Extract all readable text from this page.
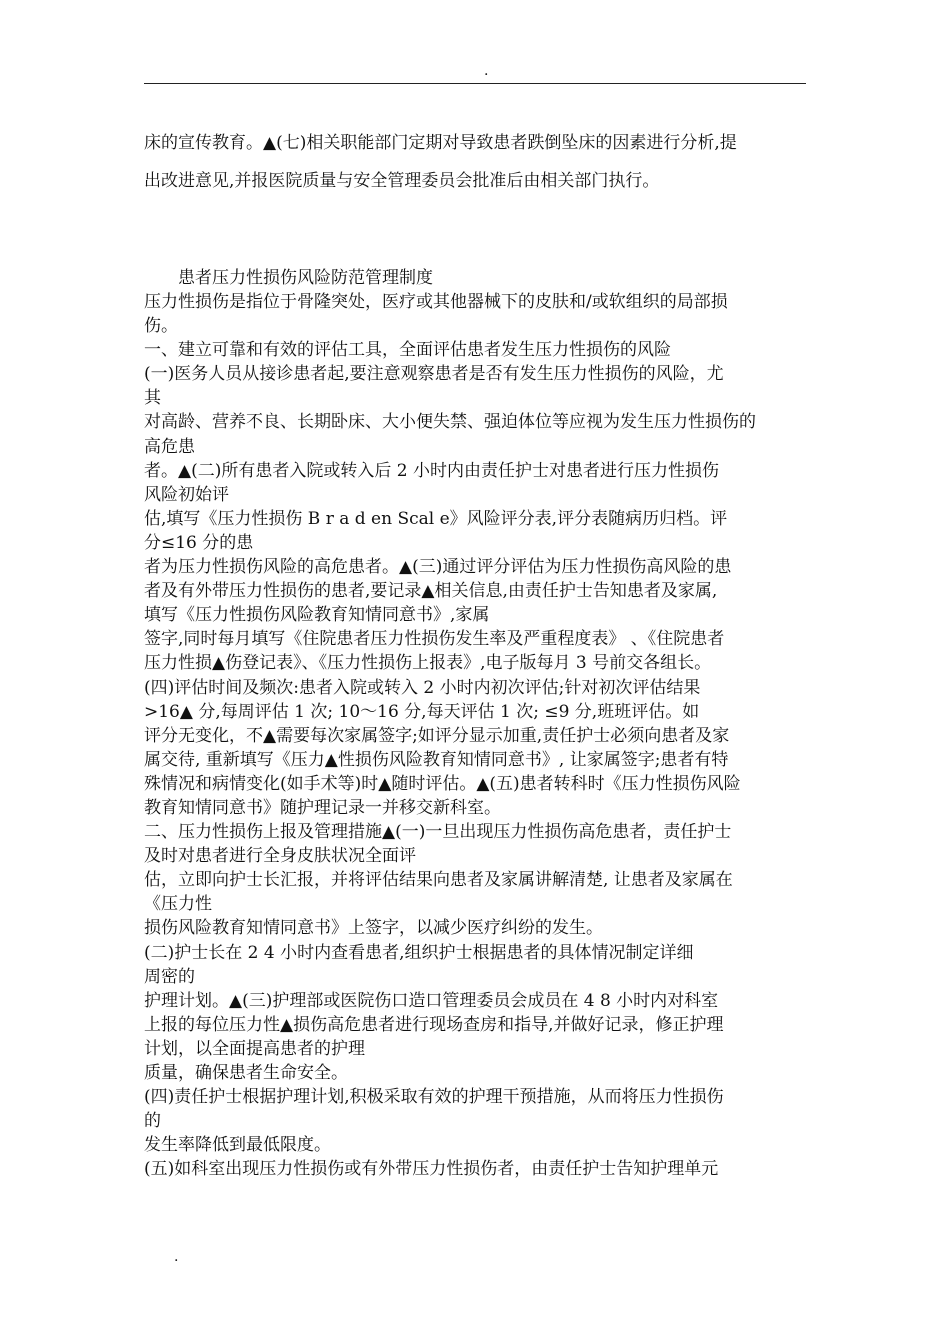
.

床的宣传教育。▲(七)相关职能部门定期对导致患者跌倒坠床的因素进行分析,提

出改进意见,并报医院质量与安全管理委员会批准后由相关部门执行。

患者压力性损伤风险防范管理制度

压力性损伤是指位于骨隆突处，医疗或其他器械下的皮肤和/或软组织的局部损

伤。

一、建立可靠和有效的评估工具，全面评估患者发生压力性损伤的风险

(一)医务人员从接诊患者起,要注意观察患者是否有发生压力性损伤的风险，尤

其

对高龄、营养不良、长期卧床、大小便失禁、强迫体位等应视为发生压力性损伤的

高危患

者。▲(二)所有患者入院或转入后 2 小时内由责任护士对患者进行压力性损伤

风险初始评

估,填写《压力性损伤 B r a d en Scal e》风险评分表,评分表随病历归档。评

分≤16 分的患

者为压力性损伤风险的高危患者。▲(三)通过评分评估为压力性损伤高风险的患

者及有外带压力性损伤的患者,要记录▲相关信息,由责任护士告知患者及家属,

填写《压力性损伤风险教育知情同意书》,家属

签字,同时每月填写《住院患者压力性损伤发生率及严重程度表》 、《住院患者

压力性损▲伤登记表》、《压力性损伤上报表》,电子版每月 3 号前交各组长。

(四)评估时间及频次:患者入院或转入 2 小时内初次评估;针对初次评估结果

>16▲ 分,每周评估 1 次; 10～16 分,每天评估 1 次; ≤9 分,班班评估。如

评分无变化，不▲需要每次家属签字;如评分显示加重,责任护士必须向患者及家

属交待, 重新填写《压力▲性损伤风险教育知情同意书》, 让家属签字;患者有特

殊情况和病情变化(如手术等)时▲随时评估。▲(五)患者转科时《压力性损伤风险

教育知情同意书》随护理记录一并移交新科室。

二、压力性损伤上报及管理措施▲(一)一旦出现压力性损伤高危患者，责任护士

及时对患者进行全身皮肤状况全面评

估，立即向护士长汇报，并将评估结果向患者及家属讲解清楚, 让患者及家属在

《压力性

损伤风险教育知情同意书》上签字，以减少医疗纠纷的发生。

(二)护士长在 2 4 小时内查看患者,组织护士根据患者的具体情况制定详细

周密的

护理计划。▲(三)护理部或医院伤口造口管理委员会成员在 4 8 小时内对科室

上报的每位压力性▲损伤高危患者进行现场查房和指导,并做好记录，修正护理

计划，以全面提高患者的护理

质量，确保患者生命安全。

(四)责任护士根据护理计划,积极采取有效的护理干预措施，从而将压力性损伤

的

发生率降低到最低限度。

(五)如科室出现压力性损伤或有外带压力性损伤者，由责任护士告知护理单元

.
